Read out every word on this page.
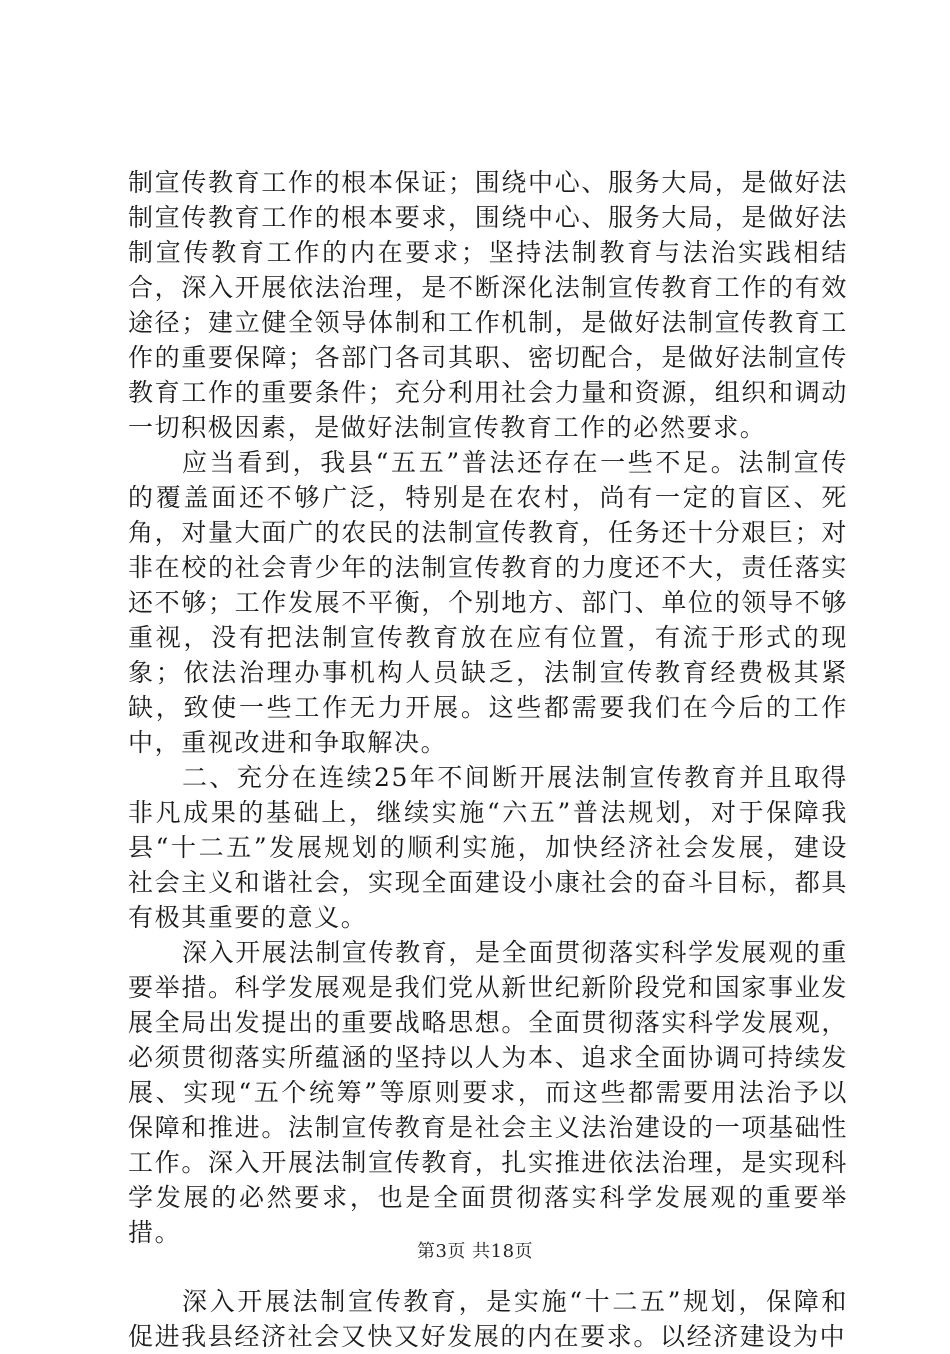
制宣传教育工作的根本保证；围绕中心、服务大局，是做好法制宣传教育工作的根本要求，围绕中心、服务大局，是做好法制宣传教育工作的内在要求；坚持法制教育与法治实践相结合，深入开展依法治理，是不断深化法制宣传教育工作的有效途径；建立健全领导体制和工作机制，是做好法制宣传教育工作的重要保障；各部门各司其职、密切配合，是做好法制宣传教育工作的重要条件；充分利用社会力量和资源，组织和调动一切积极因素，是做好法制宣传教育工作的必然要求。

应当看到，我县“五五”普法还存在一些不足。法制宣传的覆盖面还不够广泛，特别是在农村，尚有一定的盲区、死角，对量大面广的农民的法制宣传教育，任务还十分艰巨；对非在校的社会青少年的法制宣传教育的力度还不大，责任落实还不够；工作发展不平衡，个别地方、部门、单位的领导不够重视，没有把法制宣传教育放在应有位置，有流于形式的现象；依法治理办事机构人员缺乏，法制宣传教育经费极其紧缺，致使一些工作无力开展。这些都需要我们在今后的工作中，重视改进和争取解决。

二、充分在连续25年不间断开展法制宣传教育并且取得非凡成果的基础上，继续实施“六五”普法规划，对于保障我县“十二五”发展规划的顺利实施，加快经济社会发展，建设社会主义和谐社会，实现全面建设小康社会的奋斗目标，都具有极其重要的意义。

深入开展法制宣传教育，是全面贯彻落实科学发展观的重要举措。科学发展观是我们党从新世纪新阶段党和国家事业发展全局出发提出的重要战略思想。全面贯彻落实科学发展观，必须贯彻落实所蕴涵的坚持以人为本、追求全面协调可持续发展、实现“五个统筹”等原则要求，而这些都需要用法治予以保障和推进。法制宣传教育是社会主义法治建设的一项基础性工作。深入开展法制宣传教育，扎实推进依法治理，是实现科学发展的必然要求，也是全面贯彻落实科学发展观的重要举措。

深入开展法制宣传教育，是实施“十二五”规划，保障和促进我县经济社会又快又好发展的内在要求。以经济建设为中

第3页 共18页
